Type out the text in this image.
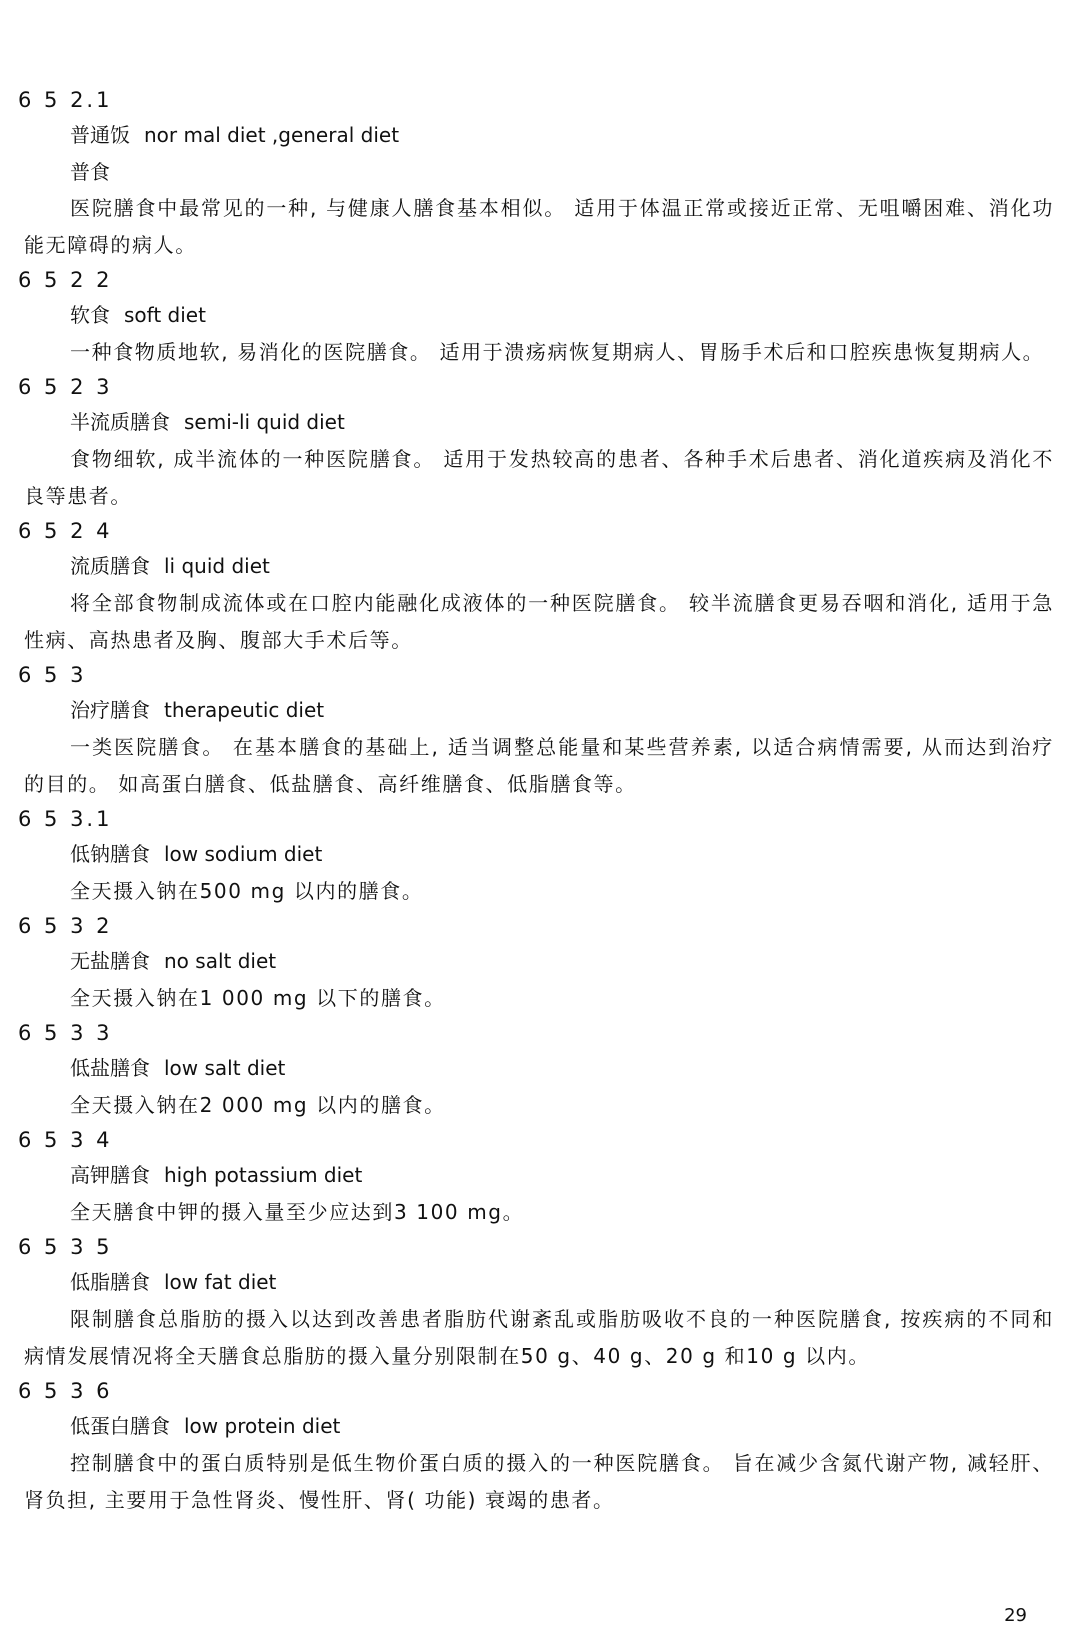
6 5 2.1
普通饭 nor mal diet ,general diet
普食
医院膳食中最常见的一种, 与健康人膳食基本相似。 适用于体温正常或接近正常、无咀嚼困难、消化功能无障碍的病人。
6 5 2 2
软食 soft diet
一种食物质地软, 易消化的医院膳食。 适用于溃疡病恢复期病人、胃肠手术后和口腔疾患恢复期病人。
6 5 2 3
半流质膳食 semi-li quid diet
食物细软, 成半流体的一种医院膳食。 适用于发热较高的患者、各种手术后患者、消化道疾病及消化不良等患者。
6 5 2 4
流质膳食 li quid diet
将全部食物制成流体或在口腔内能融化成液体的一种医院膳食。 较半流膳食更易吞咽和消化, 适用于急性病、高热患者及胸、腹部大手术后等。
6 5 3
治疗膳食 therapeutic diet
一类医院膳食。 在基本膳食的基础上, 适当调整总能量和某些营养素, 以适合病情需要, 从而达到治疗的目的。 如高蛋白膳食、低盐膳食、高纤维膳食、低脂膳食等。
6 5 3.1
低钠膳食 low sodium diet
全天摄入钠在500 mg 以内的膳食。
6 5 3 2
无盐膳食 no salt diet
全天摄入钠在1 000 mg 以下的膳食。
6 5 3 3
低盐膳食 low salt diet
全天摄入钠在2 000 mg 以内的膳食。
6 5 3 4
高钾膳食 high potassium diet
全天膳食中钾的摄入量至少应达到3 100 mg。
6 5 3 5
低脂膳食 low fat diet
限制膳食总脂肪的摄入以达到改善患者脂肪代谢紊乱或脂肪吸收不良的一种医院膳食, 按疾病的不同和病情发展情况将全天膳食总脂肪的摄入量分别限制在50 g、40 g、20 g 和10 g 以内。
6 5 3 6
低蛋白膳食 low protein diet
控制膳食中的蛋白质特别是低生物价蛋白质的摄入的一种医院膳食。 旨在减少含氮代谢产物, 减轻肝、肾负担, 主要用于急性肾炎、慢性肝、肾( 功能) 衰竭的患者。
29
